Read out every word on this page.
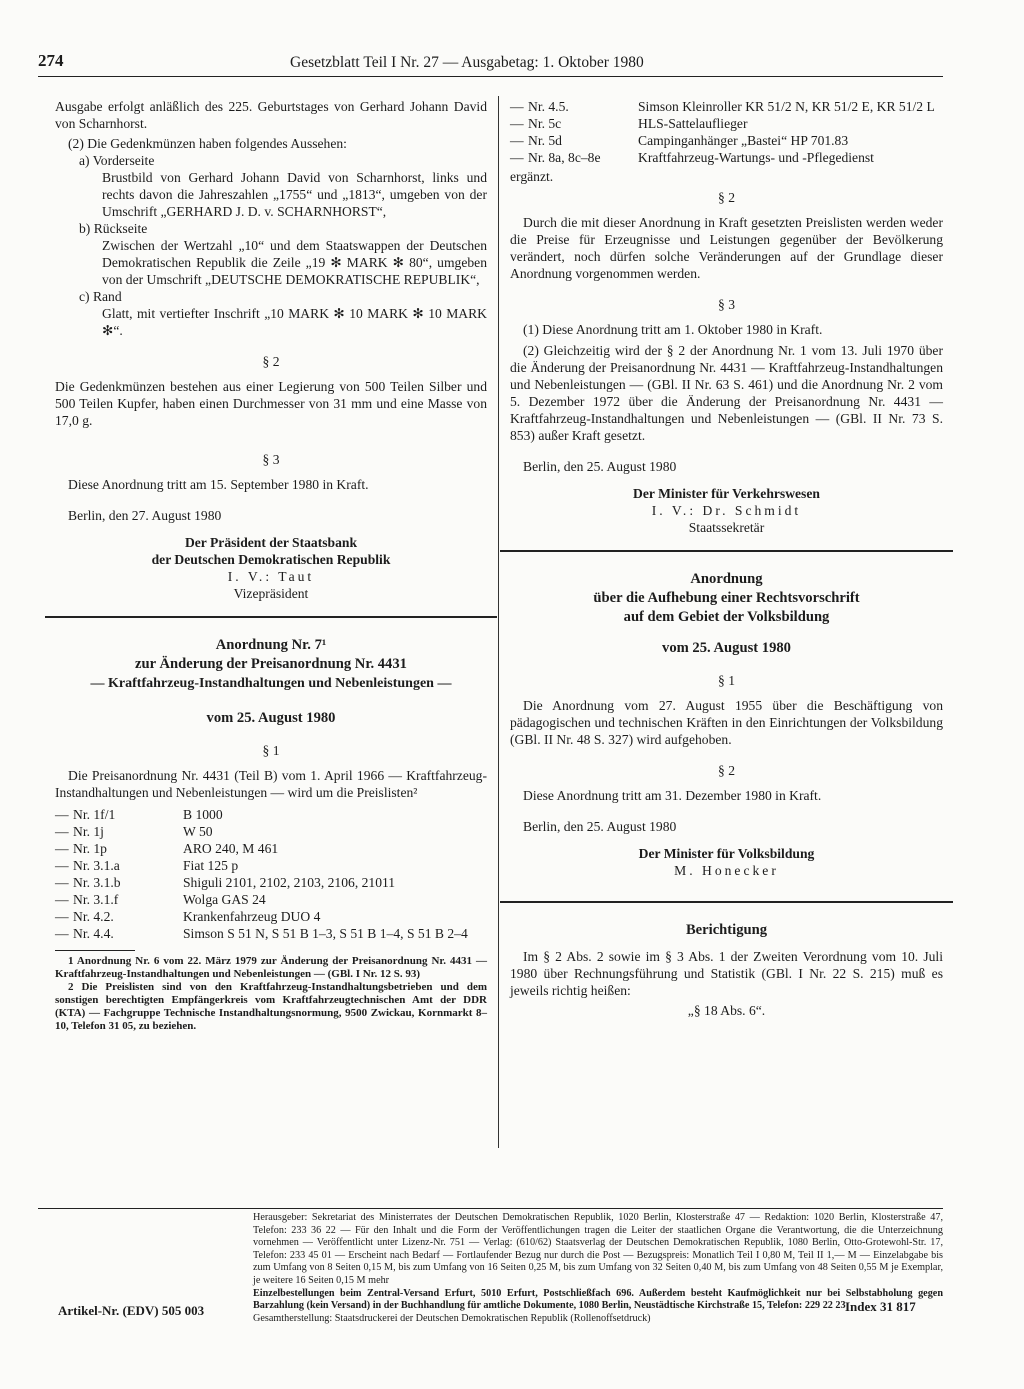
274	Gesetzblatt Teil I Nr. 27 — Ausgabetag: 1. Oktober 1980

Ausgabe erfolgt anläßlich des 225. Geburtstages von Gerhard Johann David von Scharnhorst.

(2) Die Gedenkmünzen haben folgendes Aussehen:

a) Vorderseite

Brustbild von Gerhard Johann David von Scharnhorst, links und rechts davon die Jahreszahlen „1755“ und „1813“, umgeben von der Umschrift „GERHARD J. D. v. SCHARNHORST“,

b) Rückseite

Zwischen der Wertzahl „10“ und dem Staatswappen der Deutschen Demokratischen Republik die Zeile „19 ✻ MARK ✻ 80“, umgeben von der Umschrift „DEUTSCHE DEMOKRATISCHE REPUBLIK“,

c) Rand

Glatt, mit vertiefter Inschrift „10 MARK ✻ 10 MARK ✻ 10 MARK ✻“.

§ 2

Die Gedenkmünzen bestehen aus einer Legierung von 500 Teilen Silber und 500 Teilen Kupfer, haben einen Durchmesser von 31 mm und eine Masse von 17,0 g.

§ 3

Diese Anordnung tritt am 15. September 1980 in Kraft.

Berlin, den 27. August 1980

Der Präsident der Staatsbank

der Deutschen Demokratischen Republik

I. V.: Taut

Vizepräsident

Anordnung Nr. 7¹

zur Änderung der Preisanordnung Nr. 4431

— Kraftfahrzeug-Instandhaltungen und Nebenleistungen —

vom 25. August 1980

§ 1

Die Preisanordnung Nr. 4431 (Teil B) vom 1. April 1966 — Kraftfahrzeug-Instandhaltungen und Nebenleistungen — wird um die Preislisten²

—	Nr. 1f/1	B 1000
—	Nr. 1j	W 50
—	Nr. 1p	ARO 240, M 461
—	Nr. 3.1.a	Fiat 125 p
—	Nr. 3.1.b	Shiguli 2101, 2102, 2103, 2106, 21011
—	Nr. 3.1.f	Wolga GAS 24
—	Nr. 4.2.	Krankenfahrzeug DUO 4
—	Nr. 4.4.	Simson S 51 N, S 51 B 1–3, S 51 B 1–4, S 51 B 2–4

1 Anordnung Nr. 6 vom 22. März 1979 zur Änderung der Preisanordnung Nr. 4431 — Kraftfahrzeug-Instandhaltungen und Nebenleistungen — (GBl. I Nr. 12 S. 93)

2 Die Preislisten sind von den Kraftfahrzeug-Instandhaltungsbetrieben und dem sonstigen berechtigten Empfängerkreis vom Kraftfahrzeugtechnischen Amt der DDR (KTA) — Fachgruppe Technische Instandhaltungsnormung, 9500 Zwickau, Kornmarkt 8–10, Telefon 31 05, zu beziehen.

—	Nr. 4.5.	Simson Kleinroller KR 51/2 N, KR 51/2 E, KR 51/2 L
—	Nr. 5c	HLS-Sattelauflieger
—	Nr. 5d	Campinganhänger „Bastei“ HP 701.83
—	Nr. 8a, 8c–8e	Kraftfahrzeug-Wartungs- und -Pflegedienst

ergänzt.

§ 2

Durch die mit dieser Anordnung in Kraft gesetzten Preislisten werden weder die Preise für Erzeugnisse und Leistungen gegenüber der Bevölkerung verändert, noch dürfen solche Veränderungen auf der Grundlage dieser Anordnung vorgenommen werden.

§ 3

(1) Diese Anordnung tritt am 1. Oktober 1980 in Kraft.

(2) Gleichzeitig wird der § 2 der Anordnung Nr. 1 vom 13. Juli 1970 über die Änderung der Preisanordnung Nr. 4431 — Kraftfahrzeug-Instandhaltungen und Nebenleistungen — (GBl. II Nr. 63 S. 461) und die Anordnung Nr. 2 vom 5. Dezember 1972 über die Änderung der Preisanordnung Nr. 4431 — Kraftfahrzeug-Instandhaltungen und Nebenleistungen — (GBl. II Nr. 73 S. 853) außer Kraft gesetzt.

Berlin, den 25. August 1980

Der Minister für Verkehrswesen

I. V.: Dr. Schmidt

Staatssekretär

Anordnung

über die Aufhebung einer Rechtsvorschrift

auf dem Gebiet der Volksbildung

vom 25. August 1980

§ 1

Die Anordnung vom 27. August 1955 über die Beschäftigung von pädagogischen und technischen Kräften in den Einrichtungen der Volksbildung (GBl. II Nr. 48 S. 327) wird aufgehoben.

§ 2

Diese Anordnung tritt am 31. Dezember 1980 in Kraft.

Berlin, den 25. August 1980

Der Minister für Volksbildung

M. Honecker

Berichtigung

Im § 2 Abs. 2 sowie im § 3 Abs. 1 der Zweiten Verordnung vom 10. Juli 1980 über Rechnungsführung und Statistik (GBl. I Nr. 22 S. 215) muß es jeweils richtig heißen:

„§ 18 Abs. 6“.

Herausgeber: Sekretariat des Ministerrates der Deutschen Demokratischen Republik, 1020 Berlin, Klosterstraße 47 — Redaktion: 1020 Berlin, Klosterstraße 47, Telefon: 233 36 22 — Für den Inhalt und die Form der Veröffentlichungen tragen die Leiter der staatlichen Organe die Verantwortung, die die Unterzeichnung vornehmen — Veröffentlicht unter Lizenz-Nr. 751 — Verlag: (610/62) Staatsverlag der Deutschen Demokratischen Republik, 1080 Berlin, Otto-Grotewohl-Str. 17, Telefon: 233 45 01 — Erscheint nach Bedarf — Fortlaufender Bezug nur durch die Post — Bezugspreis: Monatlich Teil I 0,80 M, Teil II 1,— M — Einzelabgabe bis zum Umfang von 8 Seiten 0,15 M, bis zum Umfang von 16 Seiten 0,25 M, bis zum Umfang von 32 Seiten 0,40 M, bis zum Umfang von 48 Seiten 0,55 M je Exemplar, je weitere 16 Seiten 0,15 M mehr

Einzelbestellungen beim Zentral-Versand Erfurt, 5010 Erfurt, Postschließfach 696. Außerdem besteht Kaufmöglichkeit nur bei Selbstabholung gegen Barzahlung (kein Versand) in der Buchhandlung für amtliche Dokumente, 1080 Berlin, Neustädtische Kirchstraße 15, Telefon: 229 22 23

Gesamtherstellung: Staatsdruckerei der Deutschen Demokratischen Republik (Rollenoffsetdruck)

Artikel-Nr. (EDV) 505 003	Index 31 817
